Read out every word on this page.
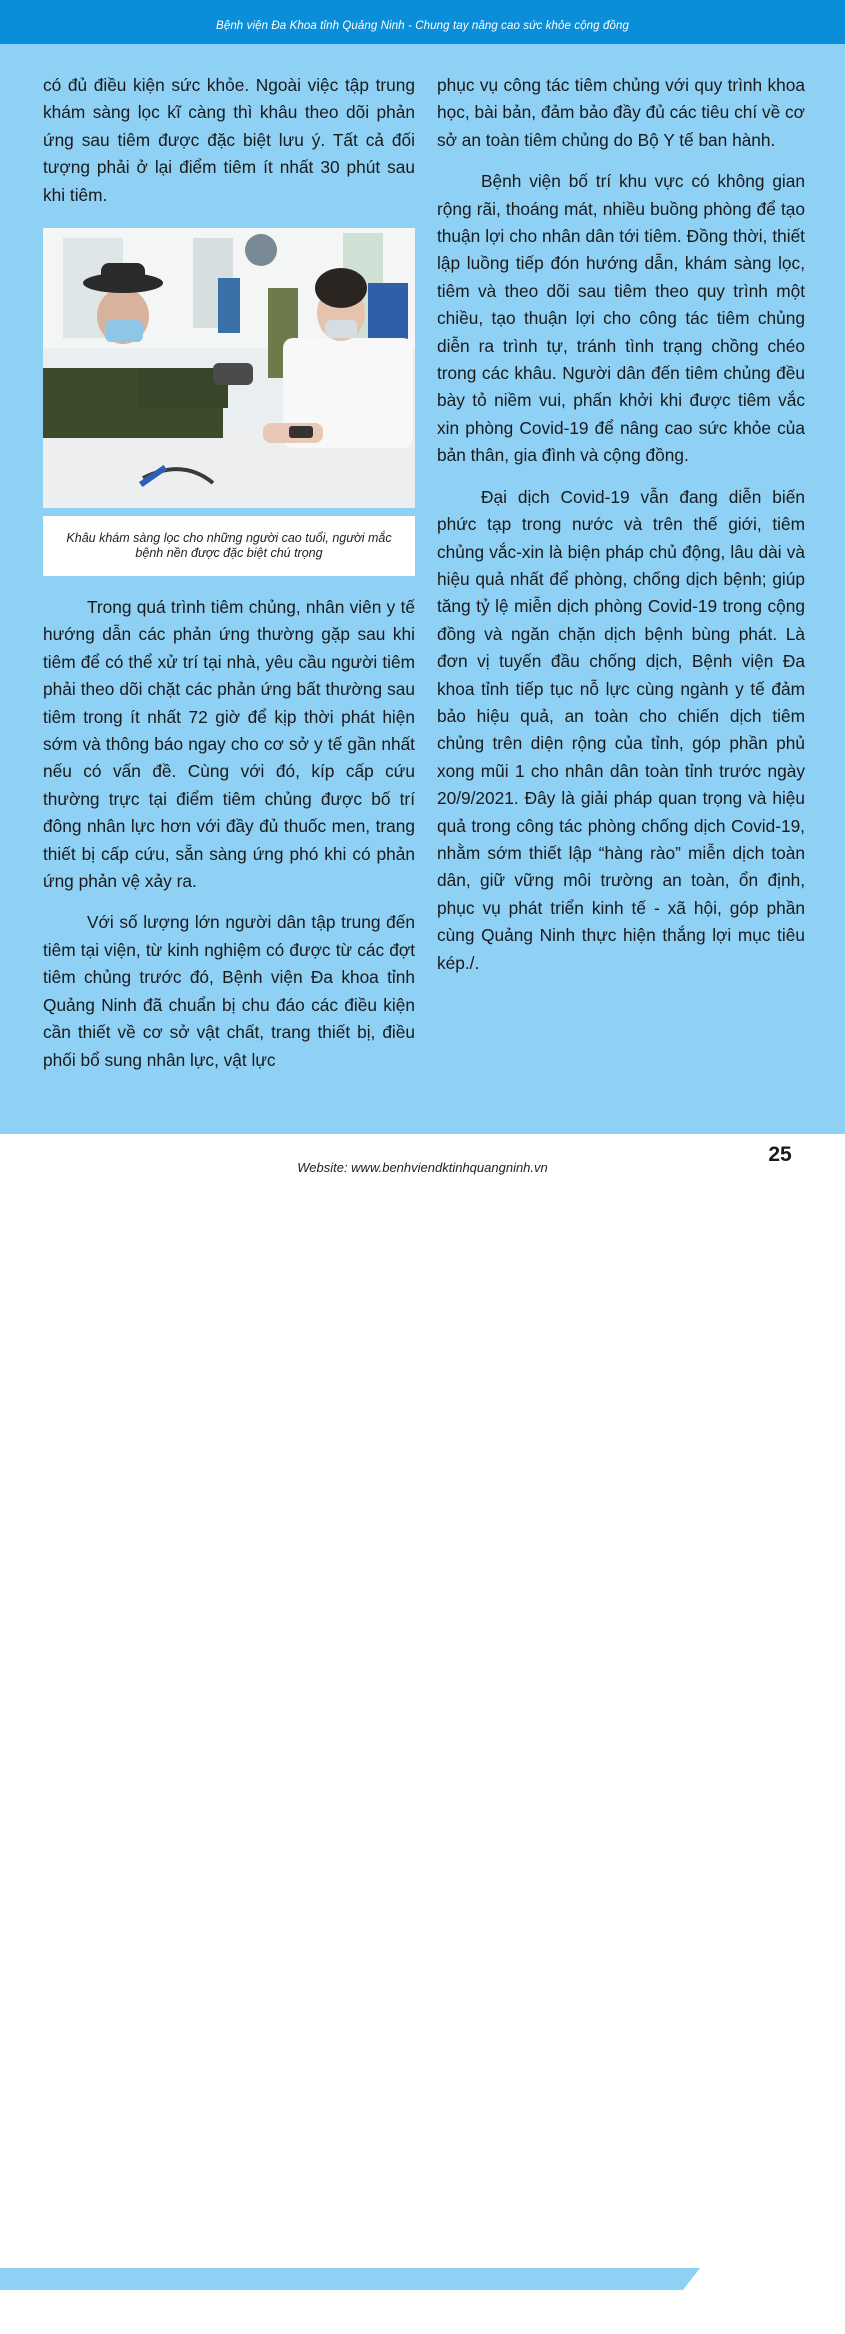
Bệnh viện Đa Khoa tỉnh Quảng Ninh - Chung tay nâng cao sức khỏe cộng đồng

có đủ điều kiện sức khỏe. Ngoài việc tập trung khám sàng lọc kĩ càng thì khâu theo dõi phản ứng sau tiêm được đặc biệt lưu ý. Tất cả đối tượng phải ở lại điểm tiêm ít nhất 30 phút sau khi tiêm.

Khâu khám sàng lọc cho những người cao tuổi, người mắc bệnh nền được đặc biệt chú trọng

Trong quá trình tiêm chủng, nhân viên y tế hướng dẫn các phản ứng thường gặp sau khi tiêm để có thể xử trí tại nhà, yêu cầu người tiêm phải theo dõi chặt các phản ứng bất thường sau tiêm trong ít nhất 72 giờ để kịp thời phát hiện sớm và thông báo ngay cho cơ sở y tế gần nhất nếu có vấn đề. Cùng với đó, kíp cấp cứu thường trực tại điểm tiêm chủng được bố trí đông nhân lực hơn với đầy đủ thuốc men, trang thiết bị cấp cứu, sẵn sàng ứng phó khi có phản ứng phản vệ xảy ra.

Với số lượng lớn người dân tập trung đến tiêm tại viện, từ kinh nghiệm có được từ các đợt tiêm chủng trước đó, Bệnh viện Đa khoa tỉnh Quảng Ninh đã chuẩn bị chu đáo các điều kiện cần thiết về cơ sở vật chất, trang thiết bị, điều phối bổ sung nhân lực, vật lực

phục vụ công tác tiêm chủng với quy trình khoa học, bài bản, đảm bảo đầy đủ các tiêu chí về cơ sở an toàn tiêm chủng do Bộ Y tế ban hành.

Bệnh viện bố trí khu vực có không gian rộng rãi, thoáng mát, nhiều buồng phòng để tạo thuận lợi cho nhân dân tới tiêm. Đồng thời, thiết lập luồng tiếp đón hướng dẫn, khám sàng lọc, tiêm và theo dõi sau tiêm theo quy trình một chiều, tạo thuận lợi cho công tác tiêm chủng diễn ra trình tự, tránh tình trạng chồng chéo trong các khâu. Người dân đến tiêm chủng đều bày tỏ niềm vui, phấn khởi khi được tiêm vắc xin phòng Covid-19 để nâng cao sức khỏe của bản thân, gia đình và cộng đồng.

Đại dịch Covid-19 vẫn đang diễn biến phức tạp trong nước và trên thế giới, tiêm chủng vắc-xin là biện pháp chủ động, lâu dài và hiệu quả nhất để phòng, chống dịch bệnh; giúp tăng tỷ lệ miễn dịch phòng Covid-19 trong cộng đồng và ngăn chặn dịch bệnh bùng phát. Là đơn vị tuyến đầu chống dịch, Bệnh viện Đa khoa tỉnh tiếp tục nỗ lực cùng ngành y tế đảm bảo hiệu quả, an toàn cho chiến dịch tiêm chủng trên diện rộng của tỉnh, góp phần phủ xong mũi 1 cho nhân dân toàn tỉnh trước ngày 20/9/2021. Đây là giải pháp quan trọng và hiệu quả trong công tác phòng chống dịch Covid-19, nhằm sớm thiết lập “hàng rào” miễn dịch toàn dân, giữ vững môi trường an toàn, ổn định, phục vụ phát triển kinh tế - xã hội, góp phần cùng Quảng Ninh thực hiện thắng lợi mục tiêu kép./.

Website: www.benhviendktinhquangninh.vn
25
